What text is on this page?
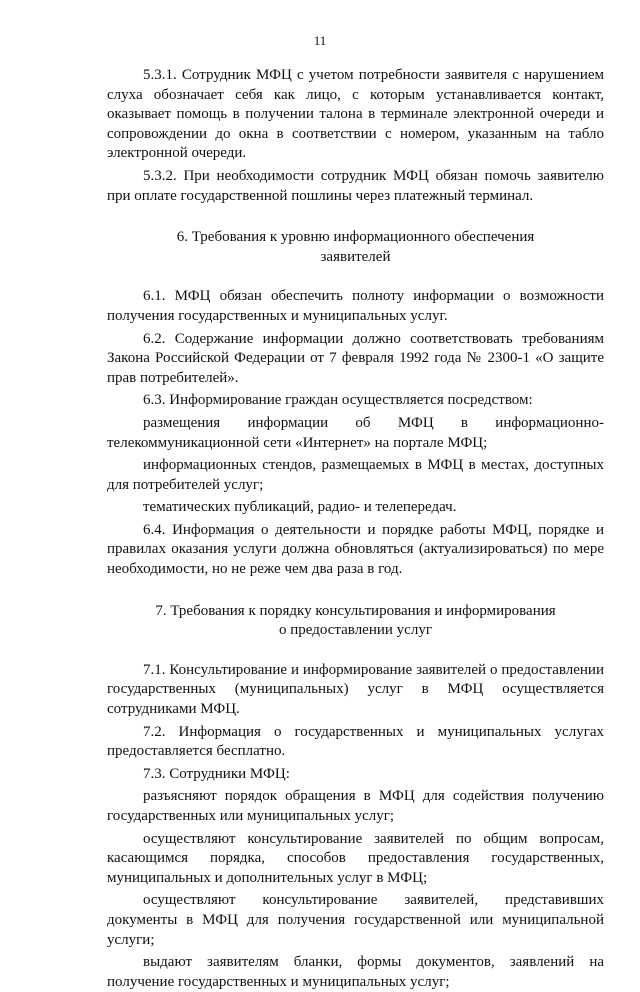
11

5.3.1. Сотрудник МФЦ с учетом потребности заявителя с нарушением слуха обозначает себя как лицо, с которым устанавливается контакт, оказывает помощь в получении талона в терминале электронной очереди и сопровождении до окна в соответствии с номером, указанным на табло электронной очереди.

5.3.2. При необходимости сотрудник МФЦ обязан помочь заявителю при оплате государственной пошлины через платежный терминал.

6. Требования к уровню информационного обеспечения

заявителей

6.1. МФЦ обязан обеспечить полноту информации о возможности получения государственных и муниципальных услуг.

6.2. Содержание информации должно соответствовать требованиям Закона Российской Федерации от 7 февраля 1992 года № 2300-1 «О защите прав потребителей».

6.3. Информирование граждан осуществляется посредством:

размещения информации об МФЦ в информационно-телекоммуникационной сети «Интернет» на портале МФЦ;

информационных стендов, размещаемых в МФЦ в местах, доступных для потребителей услуг;

тематических публикаций, радио- и телепередач.

6.4. Информация о деятельности и порядке работы МФЦ, порядке и правилах оказания услуги должна обновляться (актуализироваться) по мере необходимости, но не реже чем два раза в год.

7. Требования к порядку консультирования и информирования

о предоставлении услуг

7.1. Консультирование и информирование заявителей о предоставлении государственных (муниципальных) услуг в МФЦ осуществляется сотрудниками МФЦ.

7.2. Информация о государственных и муниципальных услугах предоставляется бесплатно.

7.3. Сотрудники МФЦ:

разъясняют порядок обращения в МФЦ для содействия получению государственных или муниципальных услуг;

осуществляют консультирование заявителей по общим вопросам, касающимся порядка, способов предоставления государственных, муниципальных и дополнительных услуг в МФЦ;

осуществляют консультирование заявителей, представивших документы в МФЦ для получения государственной или муниципальной услуги;

выдают заявителям бланки, формы документов, заявлений на получение государственных и муниципальных услуг;
